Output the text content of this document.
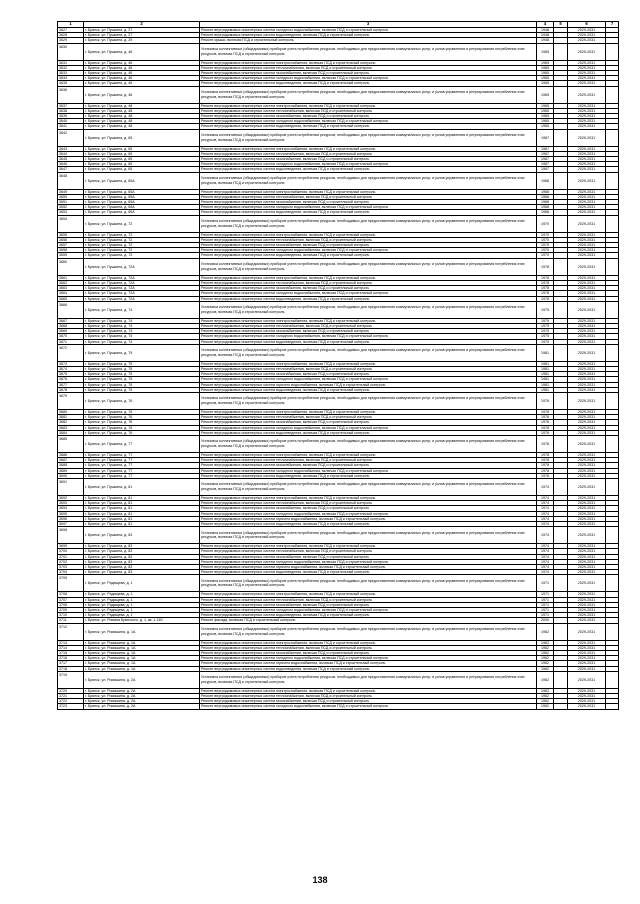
1	2	3	4	5	6	7
3627	г. Брянск, ул. Пушкина, д. 27	Ремонт внутридомовых инженерных систем холодного водоснабжения, включая ПСД и строительный контроль	1948		2029-2031	
3628	г. Брянск, ул. Пушкина, д. 27	Ремонт внутридомовых инженерных систем водоотведения, включая ПСД и строительный контроль	1948		2029-2031	
3629	г. Брянск, ул. Пушкина, д. 29	Ремонт крыши, включая ПСД и строительный контроль	1948		2029-2031	
3630	г. Брянск, ул. Пушкина, д. 46	Установка коллективных (общедомовых) приборов учета потребления ресурсов, необходимых для предоставления коммунальных услуг, и узлов управления и регулирования потребления этих ресурсов, включая ПСД и строительный контроль	1965		2029-2031	
3631	г. Брянск, ул. Пушкина, д. 46	Ремонт внутридомовых инженерных систем электроснабжения, включая ПСД и строительный контроль	1965		2029-2031	
3632	г. Брянск, ул. Пушкина, д. 46	Ремонт внутридомовых инженерных систем теплоснабжения, включая ПСД и строительный контроль	1965		2029-2031	
3633	г. Брянск, ул. Пушкина, д. 46	Ремонт внутридомовых инженерных систем газоснабжения, включая ПСД и строительный контроль	1965		2029-2031	
3634	г. Брянск, ул. Пушкина, д. 46	Ремонт внутридомовых инженерных систем холодного водоснабжения, включая ПСД и строительный контроль	1965		2029-2031	
3635	г. Брянск, ул. Пушкина, д. 46	Ремонт внутридомовых инженерных систем водоотведения, включая ПСД и строительный контроль	1965		2029-2031	
3636	г. Брянск, ул. Пушкина, д. 48	Установка коллективных (общедомовых) приборов учета потребления ресурсов, необходимых для предоставления коммунальных услуг, и узлов управления и регулирования потребления этих ресурсов, включая ПСД и строительный контроль	1965		2029-2031	
3637	г. Брянск, ул. Пушкина, д. 48	Ремонт внутридомовых инженерных систем электроснабжения, включая ПСД и строительный контроль	1965		2029-2031	
3638	г. Брянск, ул. Пушкина, д. 48	Ремонт внутридомовых инженерных систем теплоснабжения, включая ПСД и строительный контроль	1965		2029-2031	
3639	г. Брянск, ул. Пушкина, д. 48	Ремонт внутридомовых инженерных систем газоснабжения, включая ПСД и строительный контроль	1965		2029-2031	
3640	г. Брянск, ул. Пушкина, д. 48	Ремонт внутридомовых инженерных систем холодного водоснабжения, включая ПСД и строительный контроль	1965		2029-2031	
3641	г. Брянск, ул. Пушкина, д. 48	Ремонт внутридомовых инженерных систем водоотведения, включая ПСД и строительный контроль	1965		2029-2031	
3642	г. Брянск, ул. Пушкина, д. 65	Установка коллективных (общедомовых) приборов учета потребления ресурсов, необходимых для предоставления коммунальных услуг, и узлов управления и регулирования потребления этих ресурсов, включая ПСД и строительный контроль	1967		2029-2031	
3643	г. Брянск, ул. Пушкина, д. 65	Ремонт внутридомовых инженерных систем электроснабжения, включая ПСД и строительный контроль	1967		2029-2031	
3644	г. Брянск, ул. Пушкина, д. 65	Ремонт внутридомовых инженерных систем теплоснабжения, включая ПСД и строительный контроль	1967		2029-2031	
3645	г. Брянск, ул. Пушкина, д. 65	Ремонт внутридомовых инженерных систем газоснабжения, включая ПСД и строительный контроль	1967		2029-2031	
3646	г. Брянск, ул. Пушкина, д. 65	Ремонт внутридомовых инженерных систем холодного водоснабжения, включая ПСД и строительный контроль	1967		2029-2031	
3647	г. Брянск, ул. Пушкина, д. 65	Ремонт внутридомовых инженерных систем водоотведения, включая ПСД и строительный контроль	1967		2029-2031	
3648	г. Брянск, ул. Пушкина, д. 65А	Установка коллективных (общедомовых) приборов учета потребления ресурсов, необходимых для предоставления коммунальных услуг, и узлов управления и регулирования потребления этих ресурсов, включая ПСД и строительный контроль	1968		2029-2031	
3649	г. Брянск, ул. Пушкина, д. 65А	Ремонт внутридомовых инженерных систем электроснабжения, включая ПСД и строительный контроль	1968		2029-2031	
3650	г. Брянск, ул. Пушкина, д. 65А	Ремонт внутридомовых инженерных систем теплоснабжения, включая ПСД и строительный контроль	1968		2029-2031	
3651	г. Брянск, ул. Пушкина, д. 65А	Ремонт внутридомовых инженерных систем газоснабжения, включая ПСД и строительный контроль	1968		2029-2031	
3652	г. Брянск, ул. Пушкина, д. 65А	Ремонт внутридомовых инженерных систем холодного водоснабжения, включая ПСД и строительный контроль	1968		2029-2031	
3653	г. Брянск, ул. Пушкина, д. 65А	Ремонт внутридомовых инженерных систем водоотведения, включая ПСД и строительный контроль	1968		2029-2031	
3654	г. Брянск, ул. Пушкина, д. 72	Установка коллективных (общедомовых) приборов учета потребления ресурсов, необходимых для предоставления коммунальных услуг, и узлов управления и регулирования потребления этих ресурсов, включая ПСД и строительный контроль	1970		2029-2031	
3655	г. Брянск, ул. Пушкина, д. 72	Ремонт внутридомовых инженерных систем электроснабжения, включая ПСД и строительный контроль	1970		2029-2031	
3656	г. Брянск, ул. Пушкина, д. 72	Ремонт внутридомовых инженерных систем теплоснабжения, включая ПСД и строительный контроль	1970		2029-2031	
3657	г. Брянск, ул. Пушкина, д. 72	Ремонт внутридомовых инженерных систем газоснабжения, включая ПСД и строительный контроль	1970		2029-2031	
3658	г. Брянск, ул. Пушкина, д. 72	Ремонт внутридомовых инженерных систем холодного водоснабжения, включая ПСД и строительный контроль	1970		2029-2031	
3659	г. Брянск, ул. Пушкина, д. 72	Ремонт внутридомовых инженерных систем водоотведения, включая ПСД и строительный контроль	1970		2029-2031	
3660	г. Брянск, ул. Пушкина, д. 72А	Установка коллективных (общедомовых) приборов учета потребления ресурсов, необходимых для предоставления коммунальных услуг, и узлов управления и регулирования потребления этих ресурсов, включая ПСД и строительный контроль	1978		2029-2031	
3661	г. Брянск, ул. Пушкина, д. 72А	Ремонт внутридомовых инженерных систем электроснабжения, включая ПСД и строительный контроль	1978		2029-2031	
3662	г. Брянск, ул. Пушкина, д. 72А	Ремонт внутридомовых инженерных систем теплоснабжения, включая ПСД и строительный контроль	1978		2029-2031	
3663	г. Брянск, ул. Пушкина, д. 72А	Ремонт внутридомовых инженерных систем газоснабжения, включая ПСД и строительный контроль	1978		2029-2031	
3664	г. Брянск, ул. Пушкина, д. 72А	Ремонт внутридомовых инженерных систем холодного водоснабжения, включая ПСД и строительный контроль	1978		2029-2031	
3665	г. Брянск, ул. Пушкина, д. 72А	Ремонт внутридомовых инженерных систем водоотведения, включая ПСД и строительный контроль	1978		2029-2031	
3666	г. Брянск, ул. Пушкина, д. 74	Установка коллективных (общедомовых) приборов учета потребления ресурсов, необходимых для предоставления коммунальных услуг, и узлов управления и регулирования потребления этих ресурсов, включая ПСД и строительный контроль	1975		2029-2031	
3667	г. Брянск, ул. Пушкина, д. 74	Ремонт внутридомовых инженерных систем электроснабжения, включая ПСД и строительный контроль	1975		2029-2031	
3668	г. Брянск, ул. Пушкина, д. 74	Ремонт внутридомовых инженерных систем теплоснабжения, включая ПСД и строительный контроль	1975		2029-2031	
3669	г. Брянск, ул. Пушкина, д. 74	Ремонт внутридомовых инженерных систем газоснабжения, включая ПСД и строительный контроль	1975		2029-2031	
3670	г. Брянск, ул. Пушкина, д. 74	Ремонт внутридомовых инженерных систем холодного водоснабжения, включая ПСД и строительный контроль	1975		2029-2031	
3671	г. Брянск, ул. Пушкина, д. 74	Ремонт внутридомовых инженерных систем водоотведения, включая ПСД и строительный контроль	1975		2029-2031	
3672	г. Брянск, ул. Пушкина, д. 75	Установка коллективных (общедомовых) приборов учета потребления ресурсов, необходимых для предоставления коммунальных услуг, и узлов управления и регулирования потребления этих ресурсов, включая ПСД и строительный контроль	1981		2029-2031	
3673	г. Брянск, ул. Пушкина, д. 75	Ремонт внутридомовых инженерных систем электроснабжения, включая ПСД и строительный контроль	1981		2029-2031	
3674	г. Брянск, ул. Пушкина, д. 75	Ремонт внутридомовых инженерных систем теплоснабжения, включая ПСД и строительный контроль	1981		2029-2031	
3675	г. Брянск, ул. Пушкина, д. 75	Ремонт внутридомовых инженерных систем газоснабжения, включая ПСД и строительный контроль	1981		2029-2031	
3676	г. Брянск, ул. Пушкина, д. 75	Ремонт внутридомовых инженерных систем холодного водоснабжения, включая ПСД и строительный контроль	1981		2029-2031	
3677	г. Брянск, ул. Пушкина, д. 75	Ремонт внутридомовых инженерных систем горячего водоснабжения, включая ПСД и строительный контроль	1981		2029-2031	
3678	г. Брянск, ул. Пушкина, д. 75	Ремонт внутридомовых инженерных систем водоотведения, включая ПСД и строительный контроль	1981		2029-2031	
3679	г. Брянск, ул. Пушкина, д. 76	Установка коллективных (общедомовых) приборов учета потребления ресурсов, необходимых для предоставления коммунальных услуг, и узлов управления и регулирования потребления этих ресурсов, включая ПСД и строительный контроль	1976		2029-2031	
3680	г. Брянск, ул. Пушкина, д. 76	Ремонт внутридомовых инженерных систем электроснабжения, включая ПСД и строительный контроль	1976		2029-2031	
3681	г. Брянск, ул. Пушкина, д. 76	Ремонт внутридомовых инженерных систем теплоснабжения, включая ПСД и строительный контроль	1976		2029-2031	
3682	г. Брянск, ул. Пушкина, д. 76	Ремонт внутридомовых инженерных систем газоснабжения, включая ПСД и строительный контроль	1976		2029-2031	
3683	г. Брянск, ул. Пушкина, д. 76	Ремонт внутридомовых инженерных систем холодного водоснабжения, включая ПСД и строительный контроль	1976		2029-2031	
3684	г. Брянск, ул. Пушкина, д. 76	Ремонт внутридомовых инженерных систем водоотведения, включая ПСД и строительный контроль	1976		2029-2031	
3685	г. Брянск, ул. Пушкина, д. 77	Установка коллективных (общедомовых) приборов учета потребления ресурсов, необходимых для предоставления коммунальных услуг, и узлов управления и регулирования потребления этих ресурсов, включая ПСД и строительный контроль	1978		2029-2031	
3686	г. Брянск, ул. Пушкина, д. 77	Ремонт внутридомовых инженерных систем электроснабжения, включая ПСД и строительный контроль	1978		2029-2031	
3687	г. Брянск, ул. Пушкина, д. 77	Ремонт внутридомовых инженерных систем теплоснабжения, включая ПСД и строительный контроль	1978		2029-2031	
3688	г. Брянск, ул. Пушкина, д. 77	Ремонт внутридомовых инженерных систем газоснабжения, включая ПСД и строительный контроль	1978		2029-2031	
3689	г. Брянск, ул. Пушкина, д. 77	Ремонт внутридомовых инженерных систем холодного водоснабжения, включая ПСД и строительный контроль	1978		2029-2031	
3690	г. Брянск, ул. Пушкина, д. 77	Ремонт внутридомовых инженерных систем водоотведения, включая ПСД и строительный контроль	1978		2029-2031	
3691	г. Брянск, ул. Пушкина, д. 81	Установка коллективных (общедомовых) приборов учета потребления ресурсов, необходимых для предоставления коммунальных услуг, и узлов управления и регулирования потребления этих ресурсов, включая ПСД и строительный контроль	1974		2029-2031	
3692	г. Брянск, ул. Пушкина, д. 81	Ремонт внутридомовых инженерных систем электроснабжения, включая ПСД и строительный контроль	1974		2029-2031	
3693	г. Брянск, ул. Пушкина, д. 81	Ремонт внутридомовых инженерных систем теплоснабжения, включая ПСД и строительный контроль	1974		2029-2031	
3694	г. Брянск, ул. Пушкина, д. 81	Ремонт внутридомовых инженерных систем газоснабжения, включая ПСД и строительный контроль	1974		2029-2031	
3695	г. Брянск, ул. Пушкина, д. 81	Ремонт внутридомовых инженерных систем холодного водоснабжения, включая ПСД и строительный контроль	1974		2029-2031	
3696	г. Брянск, ул. Пушкина, д. 81	Ремонт внутридомовых инженерных систем горячего водоснабжения, включая ПСД и строительный контроль	1974		2029-2031	
3697	г. Брянск, ул. Пушкина, д. 81	Ремонт внутридомовых инженерных систем водоотведения, включая ПСД и строительный контроль	1974		2029-2031	
3698	г. Брянск, ул. Пушкина, д. 83	Установка коллективных (общедомовых) приборов учета потребления ресурсов, необходимых для предоставления коммунальных услуг, и узлов управления и регулирования потребления этих ресурсов, включая ПСД и строительный контроль	1974		2029-2031	
3699	г. Брянск, ул. Пушкина, д. 83	Ремонт внутридомовых инженерных систем электроснабжения, включая ПСД и строительный контроль	1974		2029-2031	
3700	г. Брянск, ул. Пушкина, д. 83	Ремонт внутридомовых инженерных систем теплоснабжения, включая ПСД и строительный контроль	1974		2029-2031	
3701	г. Брянск, ул. Пушкина, д. 83	Ремонт внутридомовых инженерных систем газоснабжения, включая ПСД и строительный контроль	1974		2029-2031	
3702	г. Брянск, ул. Пушкина, д. 83	Ремонт внутридомовых инженерных систем холодного водоснабжения, включая ПСД и строительный контроль	1974		2029-2031	
3703	г. Брянск, ул. Пушкина, д. 83	Ремонт внутридомовых инженерных систем горячего водоснабжения, включая ПСД и строительный контроль	1974		2029-2031	
3704	г. Брянск, ул. Пушкина, д. 83	Ремонт внутридомовых инженерных систем водоотведения, включая ПСД и строительный контроль	1974		2029-2031	
3705	г. Брянск, ул. Радищева, д. 1	Установка коллективных (общедомовых) приборов учета потребления ресурсов, необходимых для предоставления коммунальных услуг, и узлов управления и регулирования потребления этих ресурсов, включая ПСД и строительный контроль	1971		2029-2031	
3706	г. Брянск, ул. Радищева, д. 1	Ремонт внутридомовых инженерных систем электроснабжения, включая ПСД и строительный контроль	1971		2029-2031	
3707	г. Брянск, ул. Радищева, д. 1	Ремонт внутридомовых инженерных систем теплоснабжения, включая ПСД и строительный контроль	1971		2029-2031	
3708	г. Брянск, ул. Радищева, д. 1	Ремонт внутридомовых инженерных систем газоснабжения, включая ПСД и строительный контроль	1971		2029-2031	
3709	г. Брянск, ул. Радищева, д. 1	Ремонт внутридомовых инженерных систем холодного водоснабжения, включая ПСД и строительный контроль	1971		2029-2031	
3710	г. Брянск, ул. Радищева, д. 1	Ремонт внутридомовых инженерных систем водоотведения, включая ПСД и строительный контроль	1971		2029-2031	
3711	г. Брянск, ул. Романа Брянского, д. 1, кв. 1-160	Ремонт фасада, включая ПСД и строительный контроль	2000		2029-2031	
3712	г. Брянск, ул. Ромашина, д. 1А	Установка коллективных (общедомовых) приборов учета потребления ресурсов, необходимых для предоставления коммунальных услуг, и узлов управления и регулирования потребления этих ресурсов, включая ПСД и строительный контроль	1962		2029-2031	
3713	г. Брянск, ул. Ромашина, д. 1А	Ремонт внутридомовых инженерных систем электроснабжения, включая ПСД и строительный контроль	1962		2029-2031	
3714	г. Брянск, ул. Ромашина, д. 1А	Ремонт внутридомовых инженерных систем теплоснабжения, включая ПСД и строительный контроль	1962		2029-2031	
3715	г. Брянск, ул. Ромашина, д. 1А	Ремонт внутридомовых инженерных систем газоснабжения, включая ПСД и строительный контроль	1962		2029-2031	
3716	г. Брянск, ул. Ромашина, д. 1А	Ремонт внутридомовых инженерных систем холодного водоснабжения, включая ПСД и строительный контроль	1962		2029-2031	
3717	г. Брянск, ул. Ромашина, д. 1А	Ремонт внутридомовых инженерных систем горячего водоснабжения, включая ПСД и строительный контроль	1962		2029-2031	
3718	г. Брянск, ул. Ромашина, д. 1А	Ремонт внутридомовых инженерных систем водоотведения, включая ПСД и строительный контроль	1962		2029-2031	
3719	г. Брянск, ул. Ромашина, д. 2А	Установка коллективных (общедомовых) приборов учета потребления ресурсов, необходимых для предоставления коммунальных услуг, и узлов управления и регулирования потребления этих ресурсов, включая ПСД и строительный контроль	1962		2029-2031	
3720	г. Брянск, ул. Ромашина, д. 2А	Ремонт внутридомовых инженерных систем электроснабжения, включая ПСД и строительный контроль	1962		2029-2031	
3721	г. Брянск, ул. Ромашина, д. 2А	Ремонт внутридомовых инженерных систем теплоснабжения, включая ПСД и строительный контроль	1962		2029-2031	
3722	г. Брянск, ул. Ромашина, д. 2А	Ремонт внутридомовых инженерных систем газоснабжения, включая ПСД и строительный контроль	1962		2029-2031	
3723	г. Брянск, ул. Ромашина, д. 2А	Ремонт внутридомовых инженерных систем холодного водоснабжения, включая ПСД и строительный контроль	1962		2029-2031	
138
